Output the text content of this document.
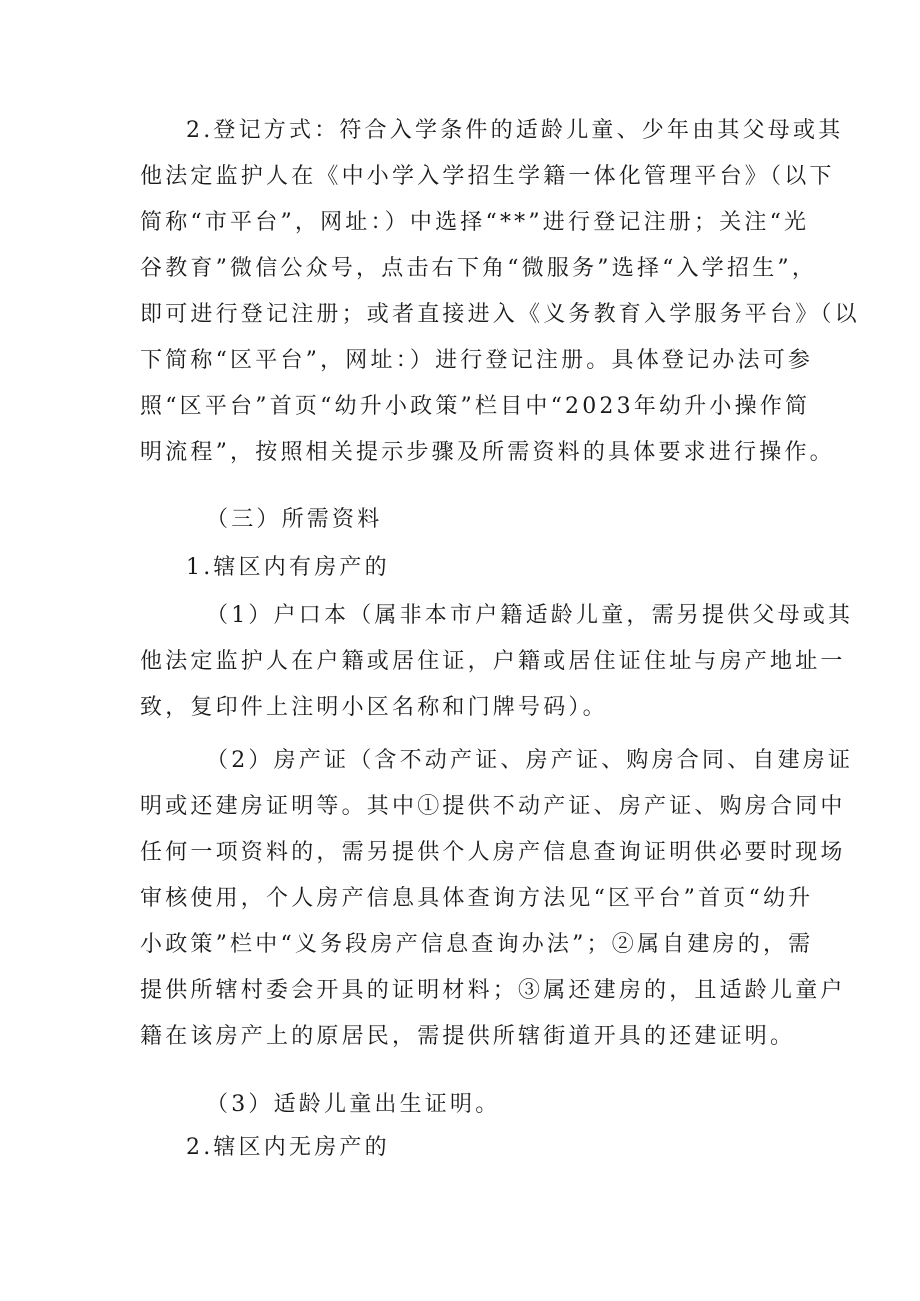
2.登记方式：符合入学条件的适龄儿童、少年由其父母或其
他法定监护人在《中小学入学招生学籍一体化管理平台》（以下
简称“市平台”，网址：）中选择“**”进行登记注册；关注“光
谷教育”微信公众号，点击右下角“微服务”选择“入学招生”，
即可进行登记注册；或者直接进入《义务教育入学服务平台》（以
下简称“区平台”，网址：）进行登记注册。具体登记办法可参
照“区平台”首页“幼升小政策”栏目中“2023年幼升小操作简
明流程”，按照相关提示步骤及所需资料的具体要求进行操作。
（三）所需资料
1.辖区内有房产的
（1）户口本（属非本市户籍适龄儿童，需另提供父母或其
他法定监护人在户籍或居住证，户籍或居住证住址与房产地址一
致，复印件上注明小区名称和门牌号码）。
（2）房产证（含不动产证、房产证、购房合同、自建房证
明或还建房证明等。其中①提供不动产证、房产证、购房合同中
任何一项资料的，需另提供个人房产信息查询证明供必要时现场
审核使用，个人房产信息具体查询方法见“区平台”首页“幼升
小政策”栏中“义务段房产信息查询办法”；②属自建房的，需
提供所辖村委会开具的证明材料；③属还建房的，且适龄儿童户
籍在该房产上的原居民，需提供所辖街道开具的还建证明。
（3）适龄儿童出生证明。
2.辖区内无房产的
